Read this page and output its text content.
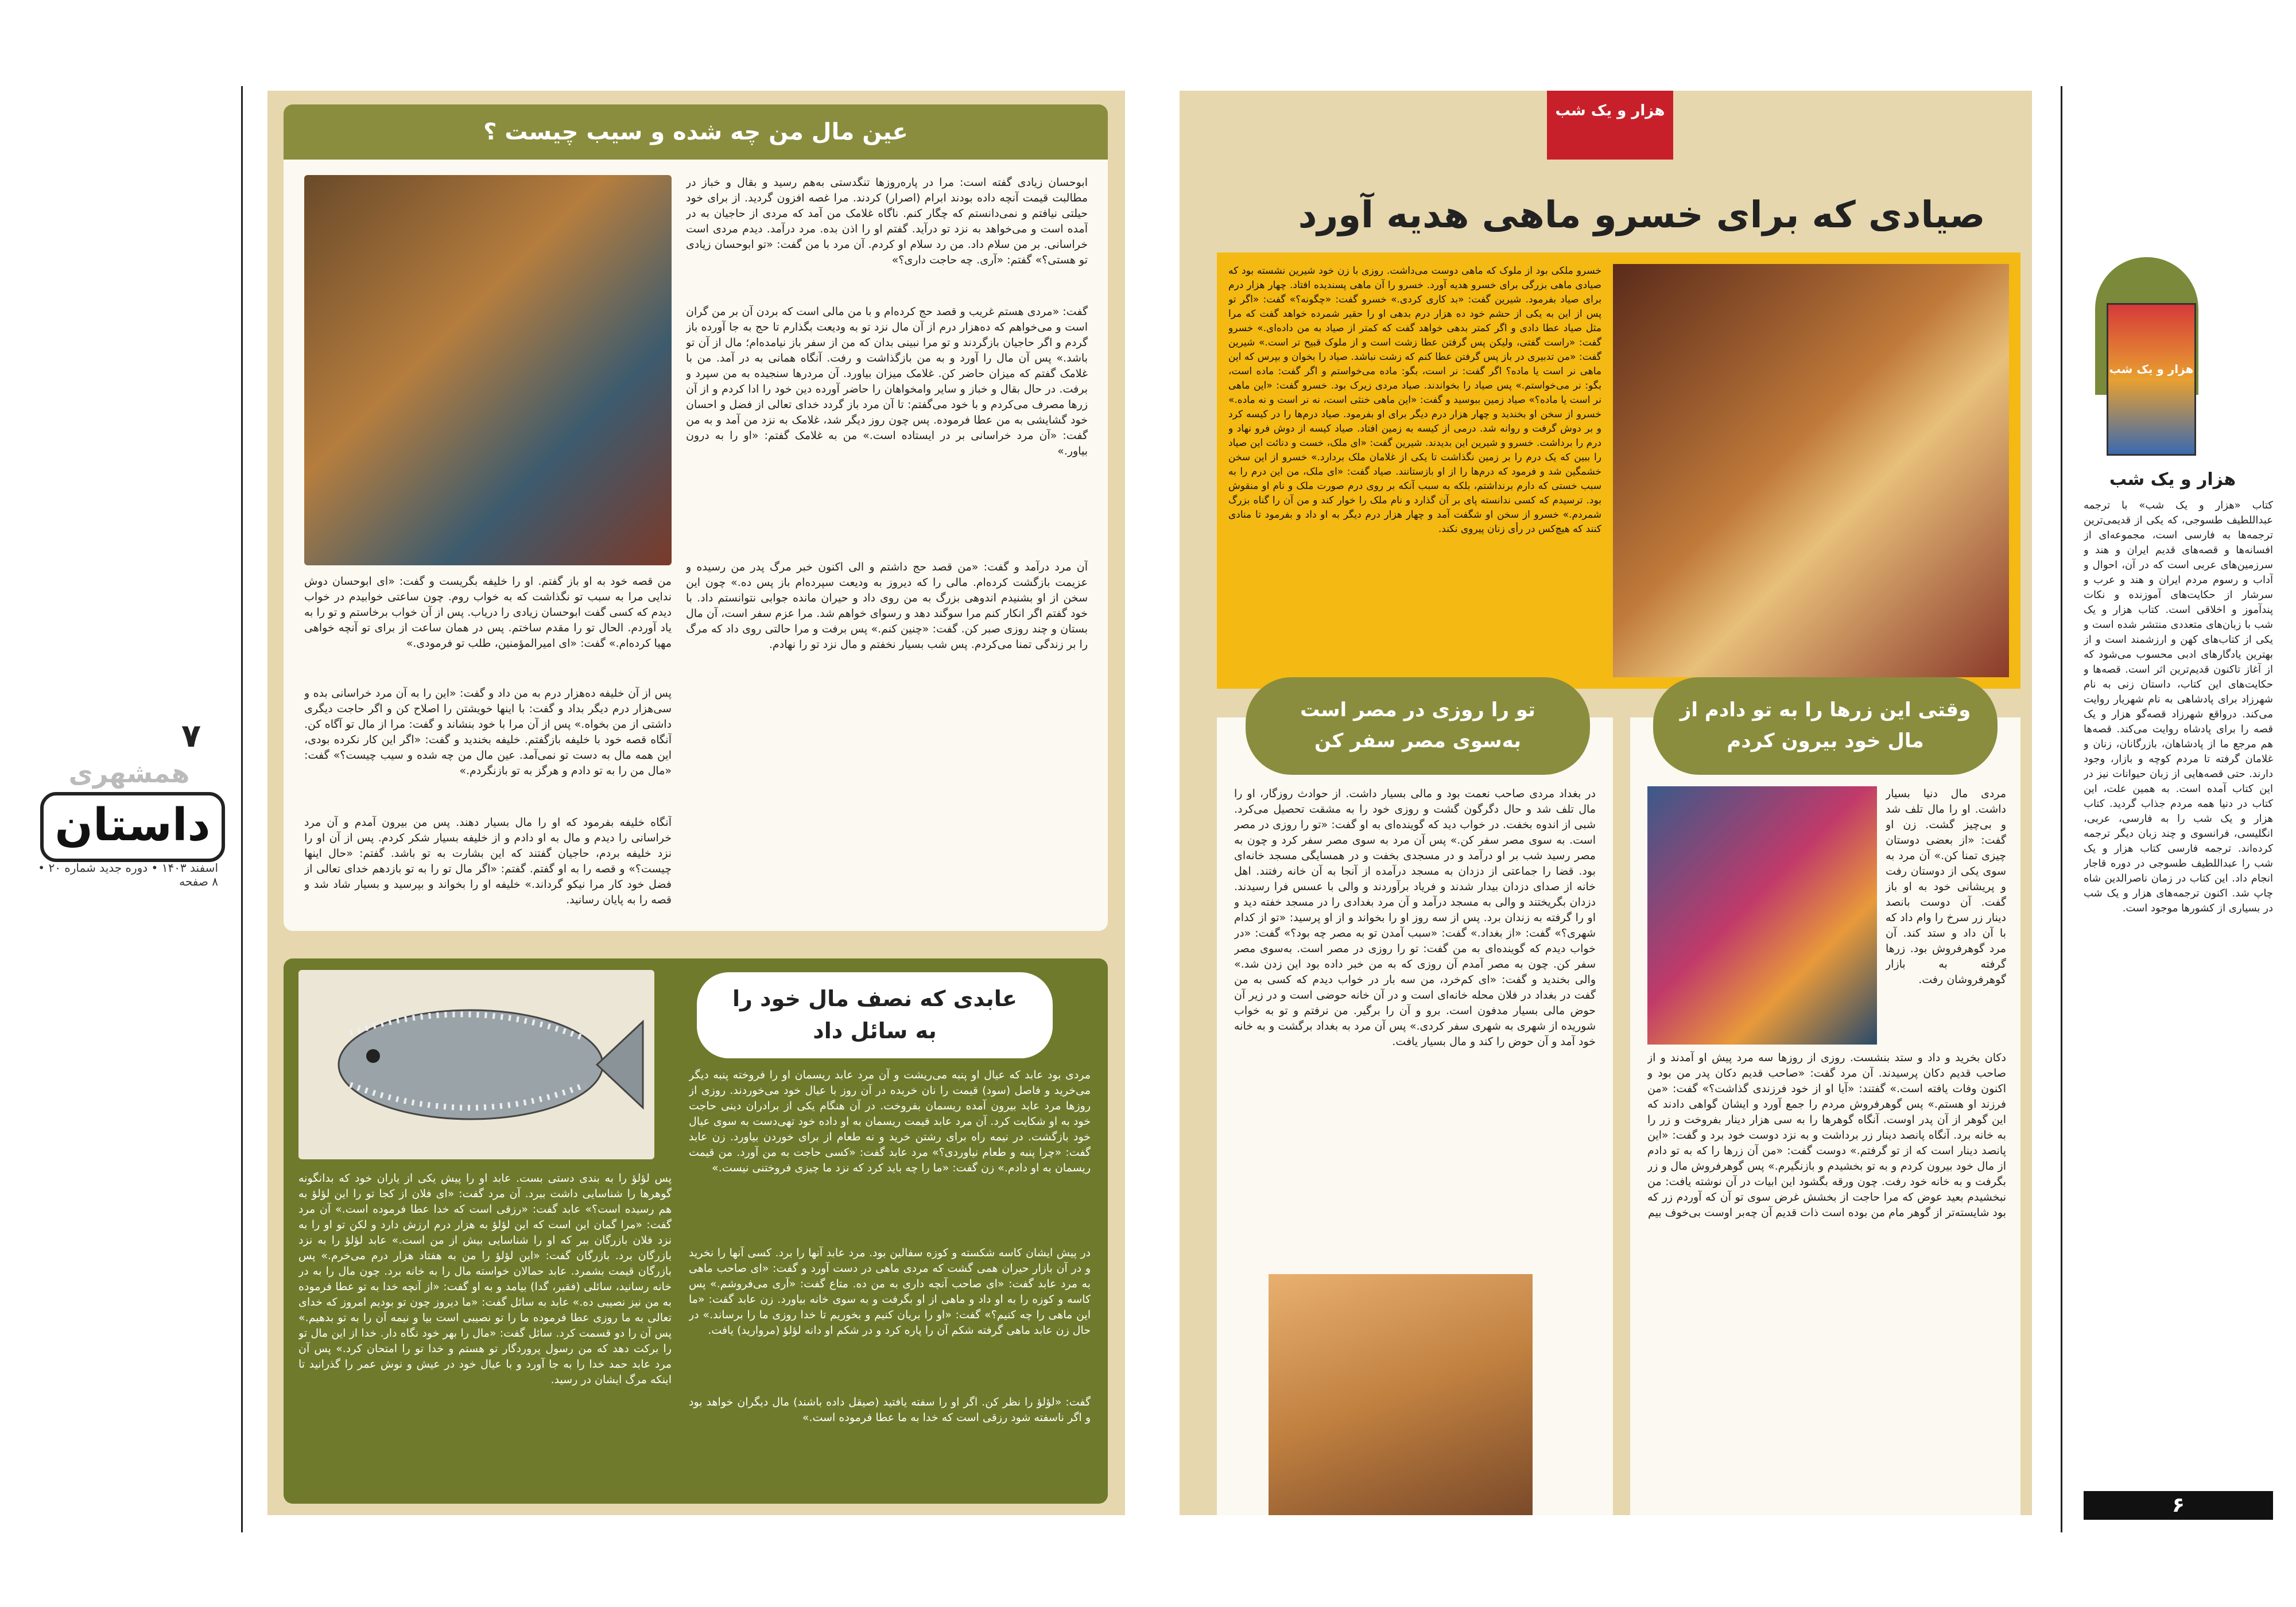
۷
همشهری
داستان
اسفند ۱۴۰۳ • دوره جدید شماره ۲۰ • ۸ صفحه
عین مال من چه شده و سیب چیست ؟
ابوحسان زیادی گفته است: مرا در پاره‌روزها تنگدستی به‌هم رسید و بقال و خباز در مطالبت قیمت آنچه داده بودند ابرام (اصرار) کردند. مرا غصه افزون گردید. از برای خود حیلتی نیافتم و نمی‌دانستم که چگار کنم. ناگاه غلامک من آمد که مردی از حاجیان به در آمده است و می‌خواهد به نزد تو درآید. گفتم او را اذن بده. مرد درآمد. دیدم مردی است خراسانی. بر من سلام داد. من رد سلام او کردم. آن مرد با من گفت: «تو ابوحسان زیادی تو هستی؟» گفتم: «آری. چه حاجت داری؟»
گفت: «مردی هستم غریب و قصد حج کرده‌ام و با من مالی است که بردن آن بر من گران است و می‌خواهم که ده‌هزار درم از آن مال نزد تو به ودیعت بگذارم تا حج به جا آورده باز گردم و اگر حاجیان بازگردند و تو مرا نبینی بدان که من از سفر باز نیامده‌ام؛ مال از آن تو باشد.» پس آن مال را آورد و به من بازگذاشت و رفت. آنگاه همانی به در آمد. من با غلامک گفتم که میزان حاضر کن. غلامک میزان بیاورد. آن مردرها سنجیده به من سپرد و برفت. در حال بقال و خباز و سایر وامخواهان را حاضر آورده دین خود را ادا کردم و از آن زرها مصرف می‌کردم و با خود می‌گفتم: تا آن مرد باز گردد خدای تعالی از فضل و احسان خود گشایشی به من عطا فرموده. پس چون روز دیگر شد، غلامک به نزد من آمد و به من گفت: «آن مرد خراسانی بر در ایستاده است.» من به غلامک گفتم: «او را به درون بیاور.»
آن مرد درآمد و گفت: «من قصد حج داشتم و الی اکنون خبر مرگ پدر من رسیده و عزیمت بازگشت کرده‌ام. مالی را که دیروز به ودیعت سپرده‌ام باز پس ده.» چون این سخن از او بشنیدم اندوهی بزرگ به من روی داد و حیران مانده جوابی نتوانستم داد. با خود گفتم اگر انکار کنم مرا سوگند دهد و رسوای خواهم شد. مرا عزم سفر است، آن مال بستان و چند روزی صبر کن. گفت: «چنین کنم.» پس برفت و مرا حالتی روی داد که مرگ را بر زندگی تمنا می‌کردم. پس شب بسیار نخفتم و مال نزد تو را نهادم.
من قصه خود به او باز گفتم. او را خلیفه بگریست و گفت: «ای ابوحسان دوش ندایی مرا به سبب تو نگذاشت که به خواب روم. چون ساعتی خوابیدم در خواب دیدم که کسی گفت ابوحسان زیادی را دریاب. پس از آن خواب برخاستم و تو را به یاد آوردم. الحال تو را مقدم ساختم. پس در همان ساعت از برای تو آنچه خواهی مهیا کرده‌ام.» گفت: «ای امیرالمؤمنین، طلب تو فرمودی.»
پس از آن خلیفه ده‌هزار درم به من داد و گفت: «این را به آن مرد خراسانی بده و سی‌هزار درم دیگر بداد و گفت: با اینها خویشتن را اصلاح کن و اگر حاجت دیگری داشتی از من بخواه.» پس از آن مرا با خود بنشاند و گفت: مرا از مال تو آگاه کن. آنگاه قصه خود با خلیفه بازگفتم. خلیفه بخندید و گفت: «اگر این کار نکرده بودی، این همه مال به دست تو نمی‌آمد. عین مال من چه شده و سیب چیست؟» گفت: «مال من را به تو دادم و هرگز به تو بازنگردم.»
آنگاه خلیفه بفرمود که او را مال بسیار دهند. پس من بیرون آمدم و آن مرد خراسانی را دیدم و مال به او دادم و از خلیفه بسیار شکر کردم. پس از آن او را نزد خلیفه بردم، حاجیان گفتند که این بشارت به تو باشد. گفتم: «حال اینها چیست؟» و قصه را به او گفتم. گفتم: «اگر مال تو را به تو بازدهم خدای تعالی از فضل خود کار مرا نیکو گرداند.» خلیفه او را بخواند و بپرسید و بسیار شاد شد و قصه را به پایان رسانید.
عابدی که نصف مال خود را به سائل داد
مردی بود عابد که عیال او پنبه می‌ریشت و آن مرد عابد ریسمان او را فروخته پنبه دیگر می‌خرید و فاصل (سود) قیمت را نان خریده در آن روز با عیال خود می‌خوردند. روزی از روزها مرد عابد بیرون آمده ریسمان بفروخت. در آن هنگام یکی از برادران دینی حاجت خود به او شکایت کرد. آن مرد عابد قیمت ریسمان به او داده خود تهی‌دست به سوی عیال خود بازگشت. در نیمه راه برای رشتن خرید و نه طعام از برای خوردن بیاورد. زن عابد گفت: «چرا پنبه و طعام نیاوردی؟» مرد عابد گفت: «کسی حاجت به من آورد. من قیمت ریسمان به او دادم.» زن گفت: «ما را چه باید کرد که نزد ما چیزی فروختنی نیست.»
در پیش ایشان کاسه شکسته و کوزه سفالین بود. مرد عابد آنها را برد. کسی آنها را نخرید و در آن بازار حیران همی گشت که مردی ماهی در دست آورد و گفت: «ای صاحب ماهی به مرد عابد گفت: «ای صاحب آنچه داری به من ده. متاع گفت: «آری می‌فروشم.» پس کاسه و کوزه را به او داد و ماهی از او بگرفت و به سوی خانه بیاورد. زن عابد گفت: «ما این ماهی را چه کنیم؟» گفت: «او را بریان کنیم و بخوریم تا خدا روزی ما را برساند.» در حال زن عابد ماهی گرفته شکم آن را پاره کرد و در شکم او دانه لؤلؤ (مروارید) یافت.
گفت: «لؤلؤ را نظر کن. اگر او را سفته یافتید (صیقل داده باشند) مال دیگران خواهد بود و اگر ناسفته شود رزقی است که خدا به ما عطا فرموده است.»
پس لؤلؤ را به بندی دستی بست. عابد او را پیش یکی از یاران خود که بدانگونه گوهرها را شناسایی داشت ببرد. آن مرد گفت: «ای فلان از کجا تو را این لؤلؤ به هم رسیده است؟» عابد گفت: «رزقی است که خدا عطا فرموده است.» آن مرد گفت: «مرا گمان این است که این لؤلؤ به هزار درم ارزش دارد و لکن تو او را به نزد فلان بازرگان ببر که او را شناسایی بیش از من است.» عابد لؤلؤ را به نزد بازرگان برد. بازرگان گفت: «این لؤلؤ را من به هفتاد هزار درم می‌خرم.» پس بازرگان قیمت بشمرد. عابد حمالان خواسته مال را به خانه برد. چون مال را به در خانه رسانید، سائلی (فقیر، گدا) بیامد و به او گفت: «از آنچه خدا به تو عطا فرموده به من نیز نصیبی ده.» عابد به سائل گفت: «ما دیروز چون تو بودیم امروز که خدای تعالی به ما روزی عطا فرموده ما را تو نصیبی است بیا و نیمه آن را به تو بدهیم.» پس آن را دو قسمت کرد. سائل گفت: «مال را بهر خود نگاه دار. خدا از این مال تو را برکت دهد که من رسول پروردگار تو هستم و خدا تو را امتحان کرد.» پس آن مرد عابد حمد خدا را به جا آورد و با عیال خود در عیش و نوش عمر را گذرانید تا اینکه مرگ ایشان در رسید.
هزار و یک شب
صیادی که برای خسرو ماهی هدیه آورد
خسرو ملکی بود از ملوک که ماهی دوست می‌داشت. روزی با زن خود شیرین نشسته بود که صیادی ماهی بزرگی برای خسرو هدیه آورد. خسرو را آن ماهی پسندیده افتاد. چهار هزار درم برای صیاد بفرمود. شیرین گفت: «بد کاری کردی.» خسرو گفت: «چگونه؟» گفت: «اگر تو پس از این به یکی از حشم خود ده هزار درم بدهی او را حقیر شمرده خواهد گفت که مرا مثل صیاد عطا دادی و اگر کمتر بدهی خواهد گفت که کمتر از صیاد به من داده‌ای.» خسرو گفت: «راست گفتی، ولیکن پس گرفتن عطا زشت است و از ملوک قبیح تر است.» شیرین گفت: «من تدبیری در باز پس گرفتن عطا کنم که زشت نباشد. صیاد را بخوان و بپرس که این ماهی نر است یا ماده؟ اگر گفت: نر است، بگو: ماده می‌خواستم و اگر گفت: ماده است، بگو: نر می‌خواستم.» پس صیاد را بخواندند. صیاد مردی زیرک بود. خسرو گفت: «این ماهی نر است یا ماده؟» صیاد زمین ببوسید و گفت: «این ماهی خنثی است، نه نر است و نه ماده.» خسرو از سخن او بخندید و چهار هزار درم دیگر برای او بفرمود. صیاد درم‌ها را در کیسه کرد و بر دوش گرفت و روانه شد. درمی از کیسه به زمین افتاد. صیاد کیسه از دوش فرو نهاد و درم را برداشت. خسرو و شیرین این بدیدند. شیرین گفت: «ای ملک، خست و دنائت این صیاد را ببین که یک درم را بر زمین نگذاشت تا یکی از غلامان ملک بردارد.» خسرو از این سخن خشمگین شد و فرمود که درم‌ها را از او بازستانند. صیاد گفت: «ای ملک، من این درم را به سبب خستی که دارم برنداشتم، بلکه به سبب آنکه بر روی درم صورت ملک و نام او منقوش بود. ترسیدم که کسی ندانسته پای بر آن گذارد و نام ملک را خوار کند و من آن را گناه بزرگ شمردم.» خسرو از سخن او شگفت آمد و چهار هزار درم دیگر به او داد و بفرمود تا منادی کنند که هیچ‌کس در رأی زنان پیروی نکند.
تو را روزی در مصر است به‌سوی مصر سفر کن
در بغداد مردی صاحب نعمت بود و مالی بسیار داشت. از حوادث روزگار، او را مال تلف شد و حال دگرگون گشت و روزی خود را به مشقت تحصیل می‌کرد. شبی از اندوه بخفت. در خواب دید که گوینده‌ای به او گفت: «تو را روزی در مصر است. به سوی مصر سفر کن.» پس آن مرد به سوی مصر سفر کرد و چون به مصر رسید شب بر او درآمد و در مسجدی بخفت و در همسایگی مسجد خانه‌ای بود. قضا را جماعتی از دزدان به مسجد درآمده از آنجا به آن خانه رفتند. اهل خانه از صدای دزدان بیدار شدند و فریاد برآوردند و والی با عسس فرا رسیدند. دزدان بگریختند و والی به مسجد درآمد و آن مرد بغدادی را در مسجد خفته دید و او را گرفته به زندان برد. پس از سه روز او را بخواند و از او پرسید: «تو از کدام شهری؟» گفت: «از بغداد.» گفت: «سبب آمدن تو به مصر چه بود؟» گفت: «در خواب دیدم که گوینده‌ای به من گفت: تو را روزی در مصر است. به‌سوی مصر سفر کن. چون به مصر آمدم آن روزی که به من خبر داده بود این زدن شد.» والی بخندید و گفت: «ای کم‌خرد، من سه بار در خواب دیدم که کسی به من گفت در بغداد در فلان محله خانه‌ای است و در آن خانه حوضی است و در زیر آن حوض مالی بسیار مدفون است. برو و آن را برگیر. من نرفتم و تو به خواب شوریده از شهری به شهری سفر کردی.» پس آن مرد به بغداد برگشت و به خانه خود آمد و آن حوض را کند و مال بسیار یافت.
وقتی این زرها را به تو دادم از مال خود بیرون کردم
مردی مال دنیا بسیار داشت. او را مال تلف شد و بی‌چیز گشت. زن او گفت: «از بعضی دوستان چیزی تمنا کن.» آن مرد به سوی یکی از دوستان رفت و پریشانی خود به او باز گفت. آن دوست بانصد دینار زر سرخ را وام داد که با آن داد و ستد کند. آن مرد گوهرفروش بود. زرها گرفته به بازار گوهرفروشان رفت.
دکان بخرید و داد و ستد بنشست. روزی از روزها سه مرد پیش او آمدند و از صاحب قدیم دکان پرسیدند. آن مرد گفت: «صاحب قدیم دکان پدر من بود و اکنون وفات یافته است.» گفتند: «آیا او از خود فرزندی گذاشت؟» گفت: «من فرزند او هستم.» پس گوهرفروش مردم را جمع آورد و ایشان گواهی دادند که این گوهر از آن پدر اوست. آنگاه گوهرها را به سی هزار دینار بفروخت و زر را به خانه برد. آنگاه پانصد دینار زر برداشت و به نزد دوست خود برد و گفت: «این پانصد دینار است که از تو گرفتم.» دوست گفت: «من آن زرها را که به تو دادم از مال خود بیرون کردم و به تو بخشیدم و بازنگیرم.» پس گوهرفروش مال و زر بگرفت و به خانه خود رفت. چون ورقه بگشود این ابیات در آن نوشته یافت: من نبخشیدم بعید عوض که مرا حاجت از بخشش غرض سوی تو آن که آوردم زر که بود شایسته‌تر از گوهر مام من بوده است ذات قدیم آن چه‌بر اوست بی‌خوف بیم
هزار و یک شب
هزار و یک شب
کتاب «هزار و یک شب» با ترجمه عبداللطیف طسوجی، که یکی از قدیمی‌ترین ترجمه‌ها به فارسی است، مجموعه‌ای از افسانه‌ها و قصه‌های قدیم ایران و هند و سرزمین‌های عربی است که در آن، احوال و آداب و رسوم مردم ایران و هند و عرب و سرشار از حکایت‌های آموزنده و نکات پندآموز و اخلاقی است. کتاب هزار و یک شب با زبان‌های متعددی منتشر شده است و یکی از کتاب‌های کهن و ارزشمند است و از بهترین یادگارهای ادبی محسوب می‌شود که از آغاز تاکنون قدیم‌ترین اثر است. قصه‌ها و حکایت‌های این کتاب، داستان زنی به نام شهرزاد برای پادشاهی به نام شهریار روایت می‌کند. درواقع شهرزاد قصه‌گو هزار و یک قصه را برای پادشاه روایت می‌کند. قصه‌ها هم مرجع ما از پادشاهان، بازرگانان، زنان و غلامان گرفته تا مردم کوچه و بازار، وجود دارند. حتی قصه‌هایی از زبان حیوانات نیز در این کتاب آمده است. به همین علت، این کتاب در دنیا همه مردم جذاب گردید. کتاب هزار و یک شب را به فارسی، عربی، انگلیسی، فرانسوی و چند زبان دیگر ترجمه کرده‌اند. ترجمه فارسی کتاب هزار و یک شب را عبداللطیف طسوجی در دوره قاجار انجام داد. این کتاب در زمان ناصرالدین شاه چاپ شد. اکنون ترجمه‌های هزار و یک شب در بسیاری از کشورها موجود است.
۶
